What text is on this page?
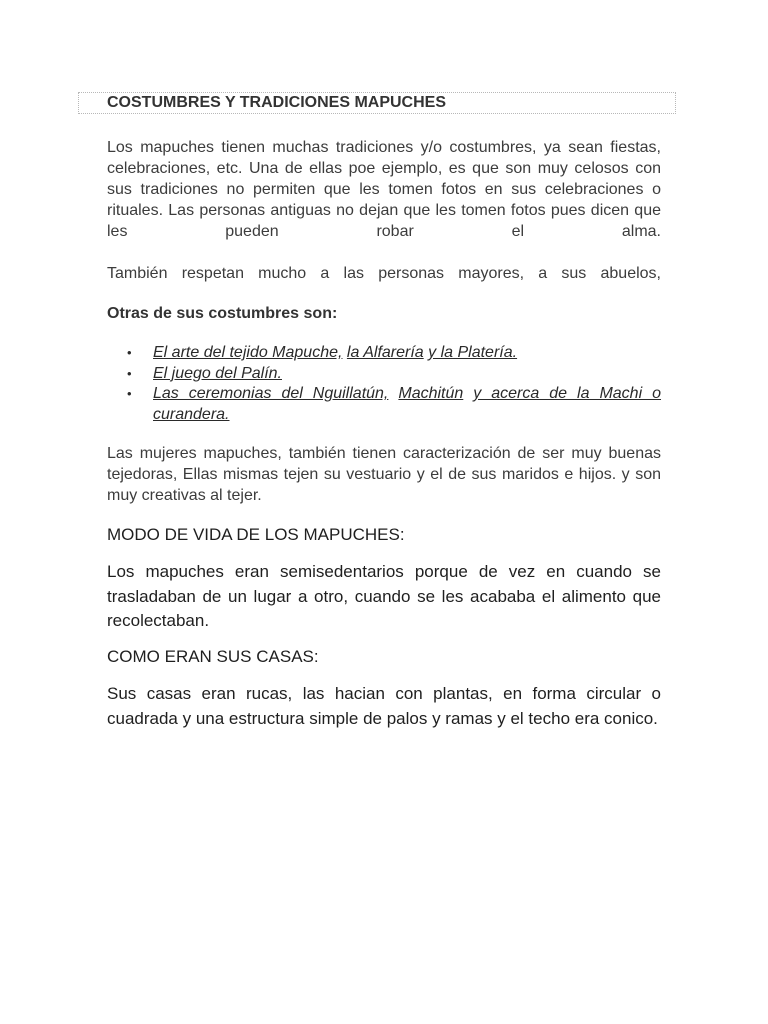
COSTUMBRES Y TRADICIONES MAPUCHES

Los mapuches tienen muchas tradiciones y/o costumbres, ya sean fiestas, celebraciones, etc. Una de ellas poe ejemplo, es que son muy celosos con sus tradiciones no permiten que les tomen fotos en sus celebraciones o rituales. Las personas antiguas no dejan que les tomen fotos pues dicen que les pueden robar el alma.

También respetan mucho a las personas mayores, a sus abuelos,

Otras de sus costumbres son:

• El arte del tejido Mapuche, la Alfarería y la Platería.
• El juego del Palín.
• Las ceremonias del Nguillatún, Machitún y acerca de la Machi o curandera.

Las mujeres mapuches, también tienen caracterización de ser muy buenas tejedoras, Ellas mismas tejen su vestuario y el de sus maridos e hijos. y son muy creativas al tejer.

MODO DE VIDA DE LOS MAPUCHES:

Los mapuches eran semisedentarios porque de vez en cuando se trasladaban de un lugar a otro, cuando se les acababa el alimento que recolectaban.

COMO ERAN SUS CASAS:

Sus casas eran rucas, las hacian con plantas, en forma circular o cuadrada y una estructura simple de palos y ramas y el techo era conico.
